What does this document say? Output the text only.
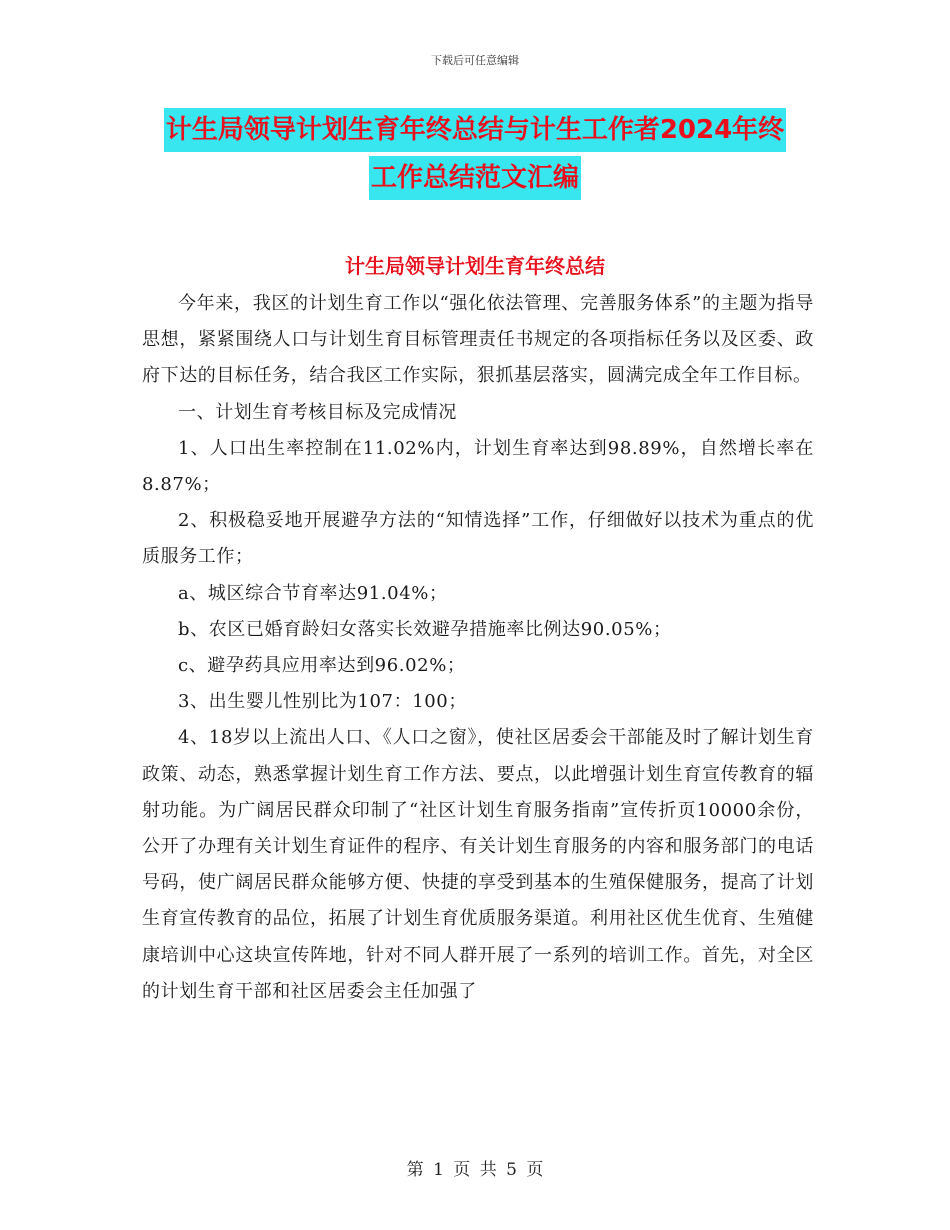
下载后可任意编辑
计生局领导计划生育年终总结与计生工作者2024年终
工作总结范文汇编
计生局领导计划生育年终总结

今年来，我区的计划生育工作以“强化依法管理、完善服务体系”的主题为指导思想，紧紧围绕人口与计划生育目标管理责任书规定的各项指标任务以及区委、政府下达的目标任务，结合我区工作实际，狠抓基层落实，圆满完成全年工作目标。

一、计划生育考核目标及完成情况

1、人口出生率控制在11.02%内，计划生育率达到98.89%，自然增长率在8.87%；

2、积极稳妥地开展避孕方法的“知情选择”工作，仔细做好以技术为重点的优质服务工作；

a、城区综合节育率达91.04%；

b、农区已婚育龄妇女落实长效避孕措施率比例达90.05%；

c、避孕药具应用率达到96.02%；

3、出生婴儿性别比为107：100；

4、18岁以上流出人口、《人口之窗》，使社区居委会干部能及时了解计划生育政策、动态，熟悉掌握计划生育工作方法、要点，以此增强计划生育宣传教育的辐射功能。为广阔居民群众印制了“社区计划生育服务指南”宣传折页10000余份，公开了办理有关计划生育证件的程序、有关计划生育服务的内容和服务部门的电话号码，使广阔居民群众能够方便、快捷的享受到基本的生殖保健服务，提高了计划生育宣传教育的品位，拓展了计划生育优质服务渠道。利用社区优生优育、生殖健康培训中心这块宣传阵地，针对不同人群开展了一系列的培训工作。首先，对全区的计划生育干部和社区居委会主任加强了

第 1 页 共 5 页
